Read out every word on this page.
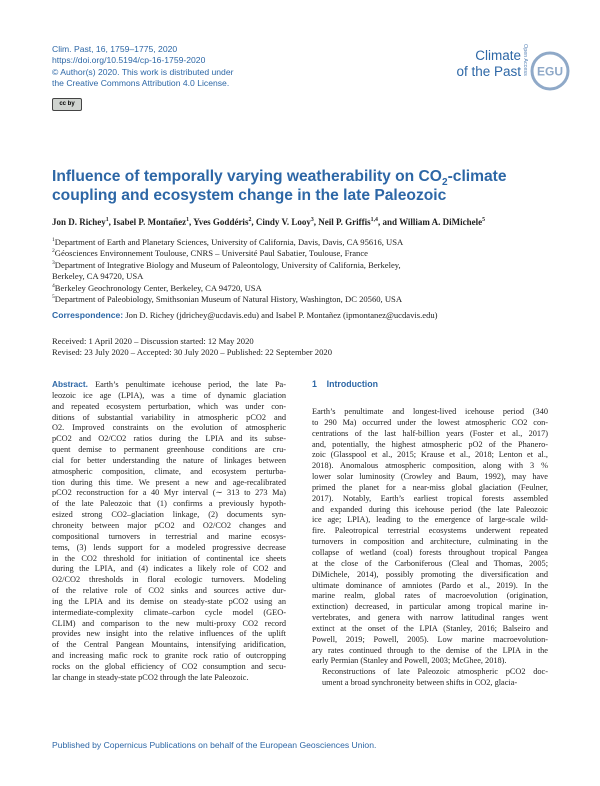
Clim. Past, 16, 1759–1775, 2020
https://doi.org/10.5194/cp-16-1759-2020
© Author(s) 2020. This work is distributed under
the Creative Commons Attribution 4.0 License.
cc by
Climate
of the Past Open Access EGU
Influence of temporally varying weatherability on $CO_2$-climate coupling and ecosystem change in the late Paleozoic
Jon D. Richey$^1$, Isabel P. Montañez$^1$, Yves Goddéris$^2$, Cindy V. Looy$^3$, Neil P. Griffis$^{1,4}$, and William A. DiMichele$^5$
$^1$Department of Earth and Planetary Sciences, University of California, Davis, Davis, CA 95616, USA
$^2$Géosciences Environnement Toulouse, CNRS – Université Paul Sabatier, Toulouse, France
$^3$Department of Integrative Biology and Museum of Paleontology, University of California, Berkeley,
Berkeley, CA 94720, USA
$^4$Berkeley Geochronology Center, Berkeley, CA 94720, USA
$^5$Department of Paleobiology, Smithsonian Museum of Natural History, Washington, DC 20560, USA
Correspondence: Jon D. Richey (jdrichey@ucdavis.edu) and Isabel P. Montañez (ipmontanez@ucdavis.edu)
Received: 1 April 2020 – Discussion started: 12 May 2020
Revised: 23 July 2020 – Accepted: 30 July 2020 – Published: 22 September 2020
Abstract. Earth’s penultimate icehouse period, the late Pa-
leozoic ice age (LPIA), was a time of dynamic glaciation
and repeated ecosystem perturbation, which was under con-
ditions of substantial variability in atmospheric pCO2 and
O2. Improved constraints on the evolution of atmospheric
pCO2 and O2/CO2 ratios during the LPIA and its subse-
quent demise to permanent greenhouse conditions are cru-
cial for better understanding the nature of linkages between
atmospheric composition, climate, and ecosystem perturba-
tion during this time. We present a new and age-recalibrated
pCO2 reconstruction for a 40 Myr interval (∼ 313 to 273 Ma)
of the late Paleozoic that (1) confirms a previously hypoth-
esized strong CO2–glaciation linkage, (2) documents syn-
chroneity between major pCO2 and O2/CO2 changes and
compositional turnovers in terrestrial and marine ecosys-
tems, (3) lends support for a modeled progressive decrease
in the CO2 threshold for initiation of continental ice sheets
during the LPIA, and (4) indicates a likely role of CO2 and
O2/CO2 thresholds in floral ecologic turnovers. Modeling
of the relative role of CO2 sinks and sources active dur-
ing the LPIA and its demise on steady-state pCO2 using an
intermediate-complexity climate–carbon cycle model (GEO-
CLIM) and comparison to the new multi-proxy CO2 record
provides new insight into the relative influences of the uplift
of the Central Pangean Mountains, intensifying aridification,
and increasing mafic rock to granite rock ratio of outcropping
rocks on the global efficiency of CO2 consumption and secu-
lar change in steady-state pCO2 through the late Paleozoic.
1    Introduction
Earth’s penultimate and longest-lived icehouse period (340
to 290 Ma) occurred under the lowest atmospheric CO2 con-
centrations of the last half-billion years (Foster et al., 2017)
and, potentially, the highest atmospheric pO2 of the Phanero-
zoic (Glasspool et al., 2015; Krause et al., 2018; Lenton et al.,
2018). Anomalous atmospheric composition, along with 3 %
lower solar luminosity (Crowley and Baum, 1992), may have
primed the planet for a near-miss global glaciation (Feulner,
2017). Notably, Earth’s earliest tropical forests assembled
and expanded during this icehouse period (the late Paleozoic
ice age; LPIA), leading to the emergence of large-scale wild-
fire. Paleotropical terrestrial ecosystems underwent repeated
turnovers in composition and architecture, culminating in the
collapse of wetland (coal) forests throughout tropical Pangea
at the close of the Carboniferous (Cleal and Thomas, 2005;
DiMichele, 2014), possibly promoting the diversification and
ultimate dominance of amniotes (Pardo et al., 2019). In the
marine realm, global rates of macroevolution (origination,
extinction) decreased, in particular among tropical marine in-
vertebrates, and genera with narrow latitudinal ranges went
extinct at the onset of the LPIA (Stanley, 2016; Balseiro and
Powell, 2019; Powell, 2005). Low marine macroevolution-
ary rates continued through to the demise of the LPIA in the
early Permian (Stanley and Powell, 2003; McGhee, 2018).
Reconstructions of late Paleozoic atmospheric pCO2 doc-
ument a broad synchroneity between shifts in CO2, glacia-
Published by Copernicus Publications on behalf of the European Geosciences Union.
